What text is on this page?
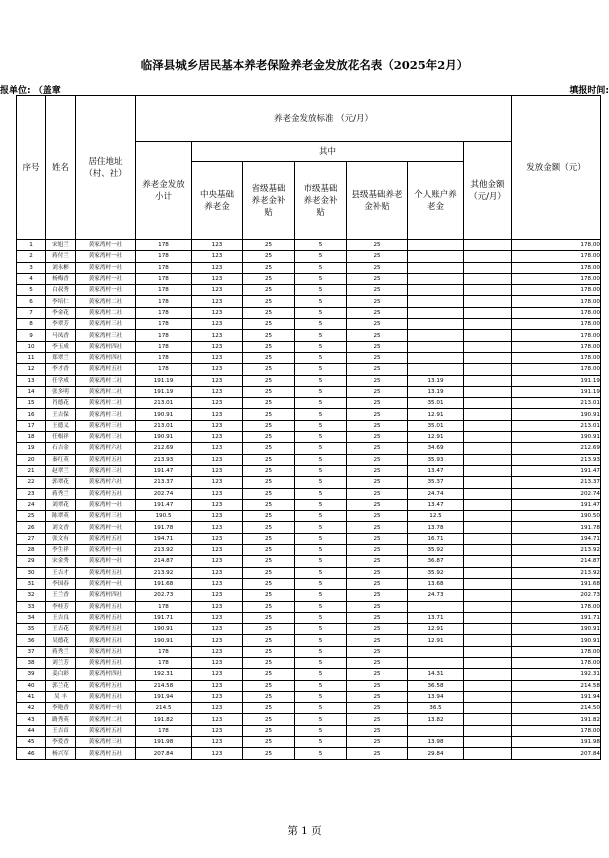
临泽县城乡居民基本养老保险养老金发放花名表（2025年2月）
报单位: （盖章	填报时间:
序号	姓名	居住地址（村、社）	养老金发放标准 （元/月）							发放金额（元）
			养老金发放小计	其中					其他金额（元/月）	
				中央基础养老金	省级基础养老金补贴	市级基础养老金补贴	县级基础养老金补贴	个人账户养老金		
1	宋旭兰	黄家湾村一社	178	123	25	5	25			178.00
2	蒋付兰	黄家湾村一社	178	123	25	5	25			178.00
3	刘永彬	黄家湾村一社	178	123	25	5	25			178.00
4	杨梅香	黄家湾村一社	178	123	25	5	25			178.00
5	白叔秀	黄家湾村一社	178	123	25	5	25			178.00
6	李培仁	黄家湾村二社	178	123	25	5	25			178.00
7	李金花	黄家湾村二社	178	123	25	5	25			178.00
8	李翠芳	黄家湾村三社	178	123	25	5	25			178.00
9	马凤香	黄家湾村三社	178	123	25	5	25			178.00
10	李玉成	黄家湾村四社	178	123	25	5	25			178.00
11	郑翠兰	黄家湾村四社	178	123	25	5	25			178.00
12	李才香	黄家湾村五社	178	123	25	5	25			178.00
13	任学成	黄家湾村二社	191.19	123	25	5	25	13.19		191.19
14	张多明	黄家湾村二社	191.19	123	25	5	25	13.19		191.19
15	肖德花	黄家湾村二社	213.01	123	25	5	25	35.01		213.01
16	王吉保	黄家湾村三社	190.91	123	25	5	25	12.91		190.91
17	王德义	黄家湾村三社	213.01	123	25	5	25	35.01		213.01
18	任根祥	黄家湾村三社	190.91	123	25	5	25	12.91		190.91
19	石吉金	黄家湾村六社	212.69	123	25	5	25	34.69		212.69
20	秦红英	黄家湾村五社	213.93	123	25	5	25	35.93		213.93
21	赵翠兰	黄家湾村三社	191.47	123	25	5	25	13.47		191.47
22	郭翠花	黄家湾村六社	213.37	123	25	5	25	35.37		213.37
23	蒋秀兰	黄家湾村五社	202.74	123	25	5	25	24.74		202.74
24	刘翠花	黄家湾村一社	191.47	123	25	5	25	13.47		191.47
25	陈翠英	黄家湾村三社	190.5	123	25	5	25	12.5		190.50
26	刘文香	黄家湾村一社	191.78	123	25	5	25	13.78		191.78
27	张文有	黄家湾村五社	194.71	123	25	5	25	16.71		194.71
28	李生祥	黄家湾村一社	213.92	123	25	5	25	35.92		213.92
29	宋金秀	黄家湾村一社	214.87	123	25	5	25	36.87		214.87
30	王吉才	黄家湾村五社	213.92	123	25	5	25	35.92		213.92
31	李国春	黄家湾村一社	191.68	123	25	5	25	13.68		191.68
32	王兰香	黄家湾村四社	202.73	123	25	5	25	24.73		202.73
33	李桂芳	黄家湾村五社	178	123	25	5	25			178.00
34	王吉良	黄家湾村五社	191.71	123	25	5	25	13.71		191.71
35	王吉花	黄家湾村五社	190.91	123	25	5	25	12.91		190.91
36	吴德花	黄家湾村五社	190.91	123	25	5	25	12.91		190.91
37	蒋秀兰	黄家湾村五社	178	123	25	5	25			178.00
38	刘兰芳	黄家湾村五社	178	123	25	5	25			178.00
39	姜白彩	黄家湾村四社	192.31	123	25	5	25	14.31		192.31
40	郭兰花	黄家湾村五社	214.58	123	25	5	25	36.58		214.58
41	吴 丰	黄家湾村五社	191.94	123	25	5	25	13.94		191.94
42	李艳香	黄家湾村一社	214.5	123	25	5	25	36.5		214.50
43	路秀英	黄家湾村二社	191.82	123	25	5	25	13.82		191.82
44	王吉首	黄家湾村五社	178	123	25	5	25			178.00
45	李爱香	黄家湾村三社	191.98	123	25	5	25	13.98		191.98
46	杨兴军	黄家湾村五社	207.84	123	25	5	25	29.84		207.84
第 1 页
